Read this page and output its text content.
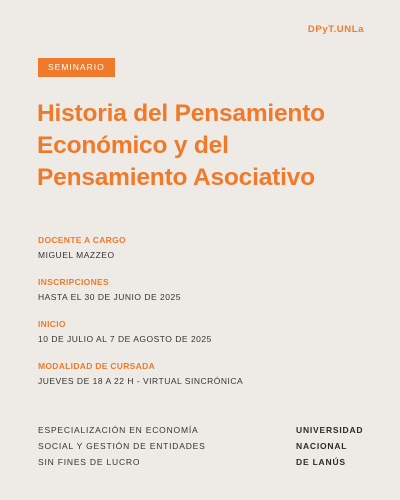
DPyT.UNLa
SEMINARIO
Historia del Pensamiento
Económico y del
Pensamiento Asociativo
DOCENTE A CARGO
MIGUEL MAZZEO
INSCRIPCIONES
HASTA EL 30 DE JUNIO DE 2025
INICIO
10 DE JULIO AL 7 DE AGOSTO DE 2025
MODALIDAD DE CURSADA
JUEVES DE 18 A 22 H - VIRTUAL SINCRÓNICA
ESPECIALIZACIÓN EN ECONOMÍA
SOCIAL Y GESTIÓN DE ENTIDADES
SIN FINES DE LUCRO
UNIVERSIDAD
NACIONAL
DE LANÚS
